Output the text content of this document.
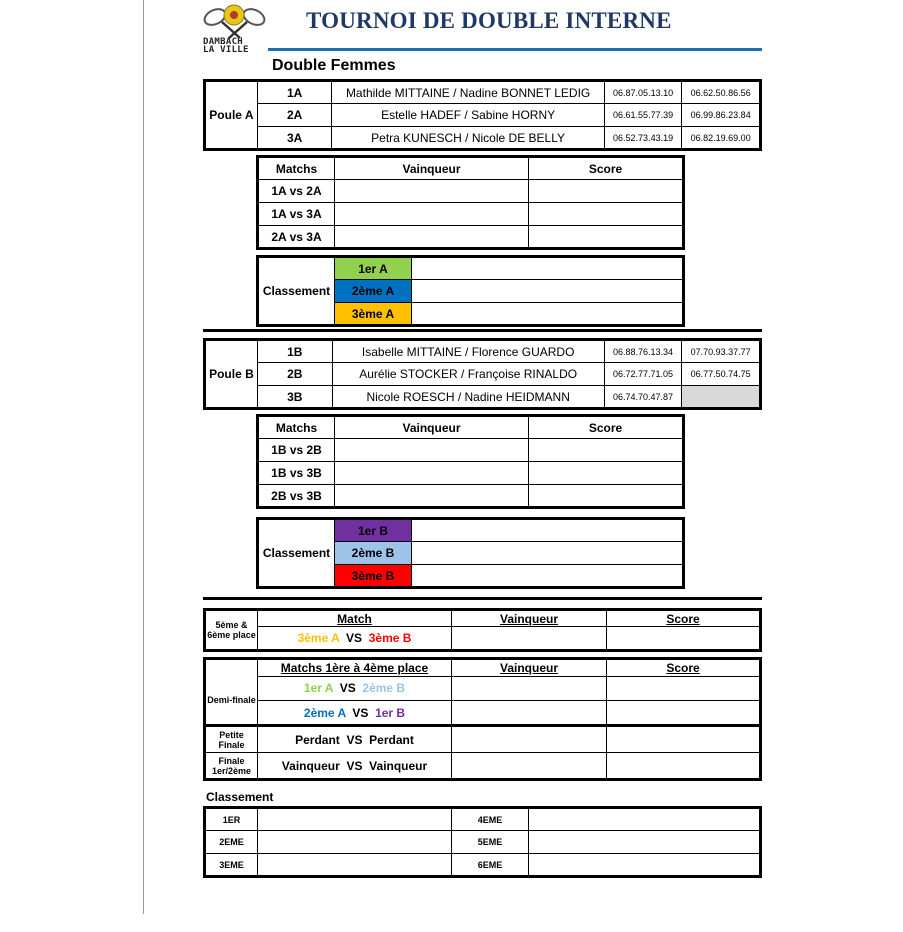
DAMBACH
LA VILLE
TOURNOI DE DOUBLE INTERNE
Double Femmes
Poule A	1A	Mathilde MITTAINE / Nadine BONNET LEDIG	06.87.05.13.10	06.62.50.86.56
	2A	Estelle HADEF / Sabine HORNY	06.61.55.77.39	06.99.86.23.84
	3A	Petra KUNESCH / Nicole DE BELLY	06.52.73.43.19	06.82.19.69.00
Matchs	Vainqueur	Score
1A vs 2A		
1A vs 3A		
2A vs 3A		
Classement	1er A	
	2ème A	
	3ème A	
Poule B	1B	Isabelle MITTAINE / Florence GUARDO	06.88.76.13.34	07.70.93.37.77
	2B	Aurélie STOCKER / Françoise RINALDO	06.72.77.71.05	06.77.50.74.75
	3B	Nicole ROESCH / Nadine HEIDMANN	06.74.70.47.87	
Matchs	Vainqueur	Score
1B vs 2B		
1B vs 3B		
2B vs 3B		
Classement	1er B	
	2ème B	
	3ème B	
5ème &
6ème place	Match	Vainqueur	Score
	3ème A VS 3ème B		
	Matchs 1ère à 4ème place	Vainqueur	Score
Demi-finale	1er A VS 2ème B		
	2ème A VS 1er B		

Petite
Finale	Perdant VS Perdant		

Finale
1er/2ème	Vainqueur VS Vainqueur		
Classement
1ER		4EME	
2EME		5EME	
3EME		6EME	
